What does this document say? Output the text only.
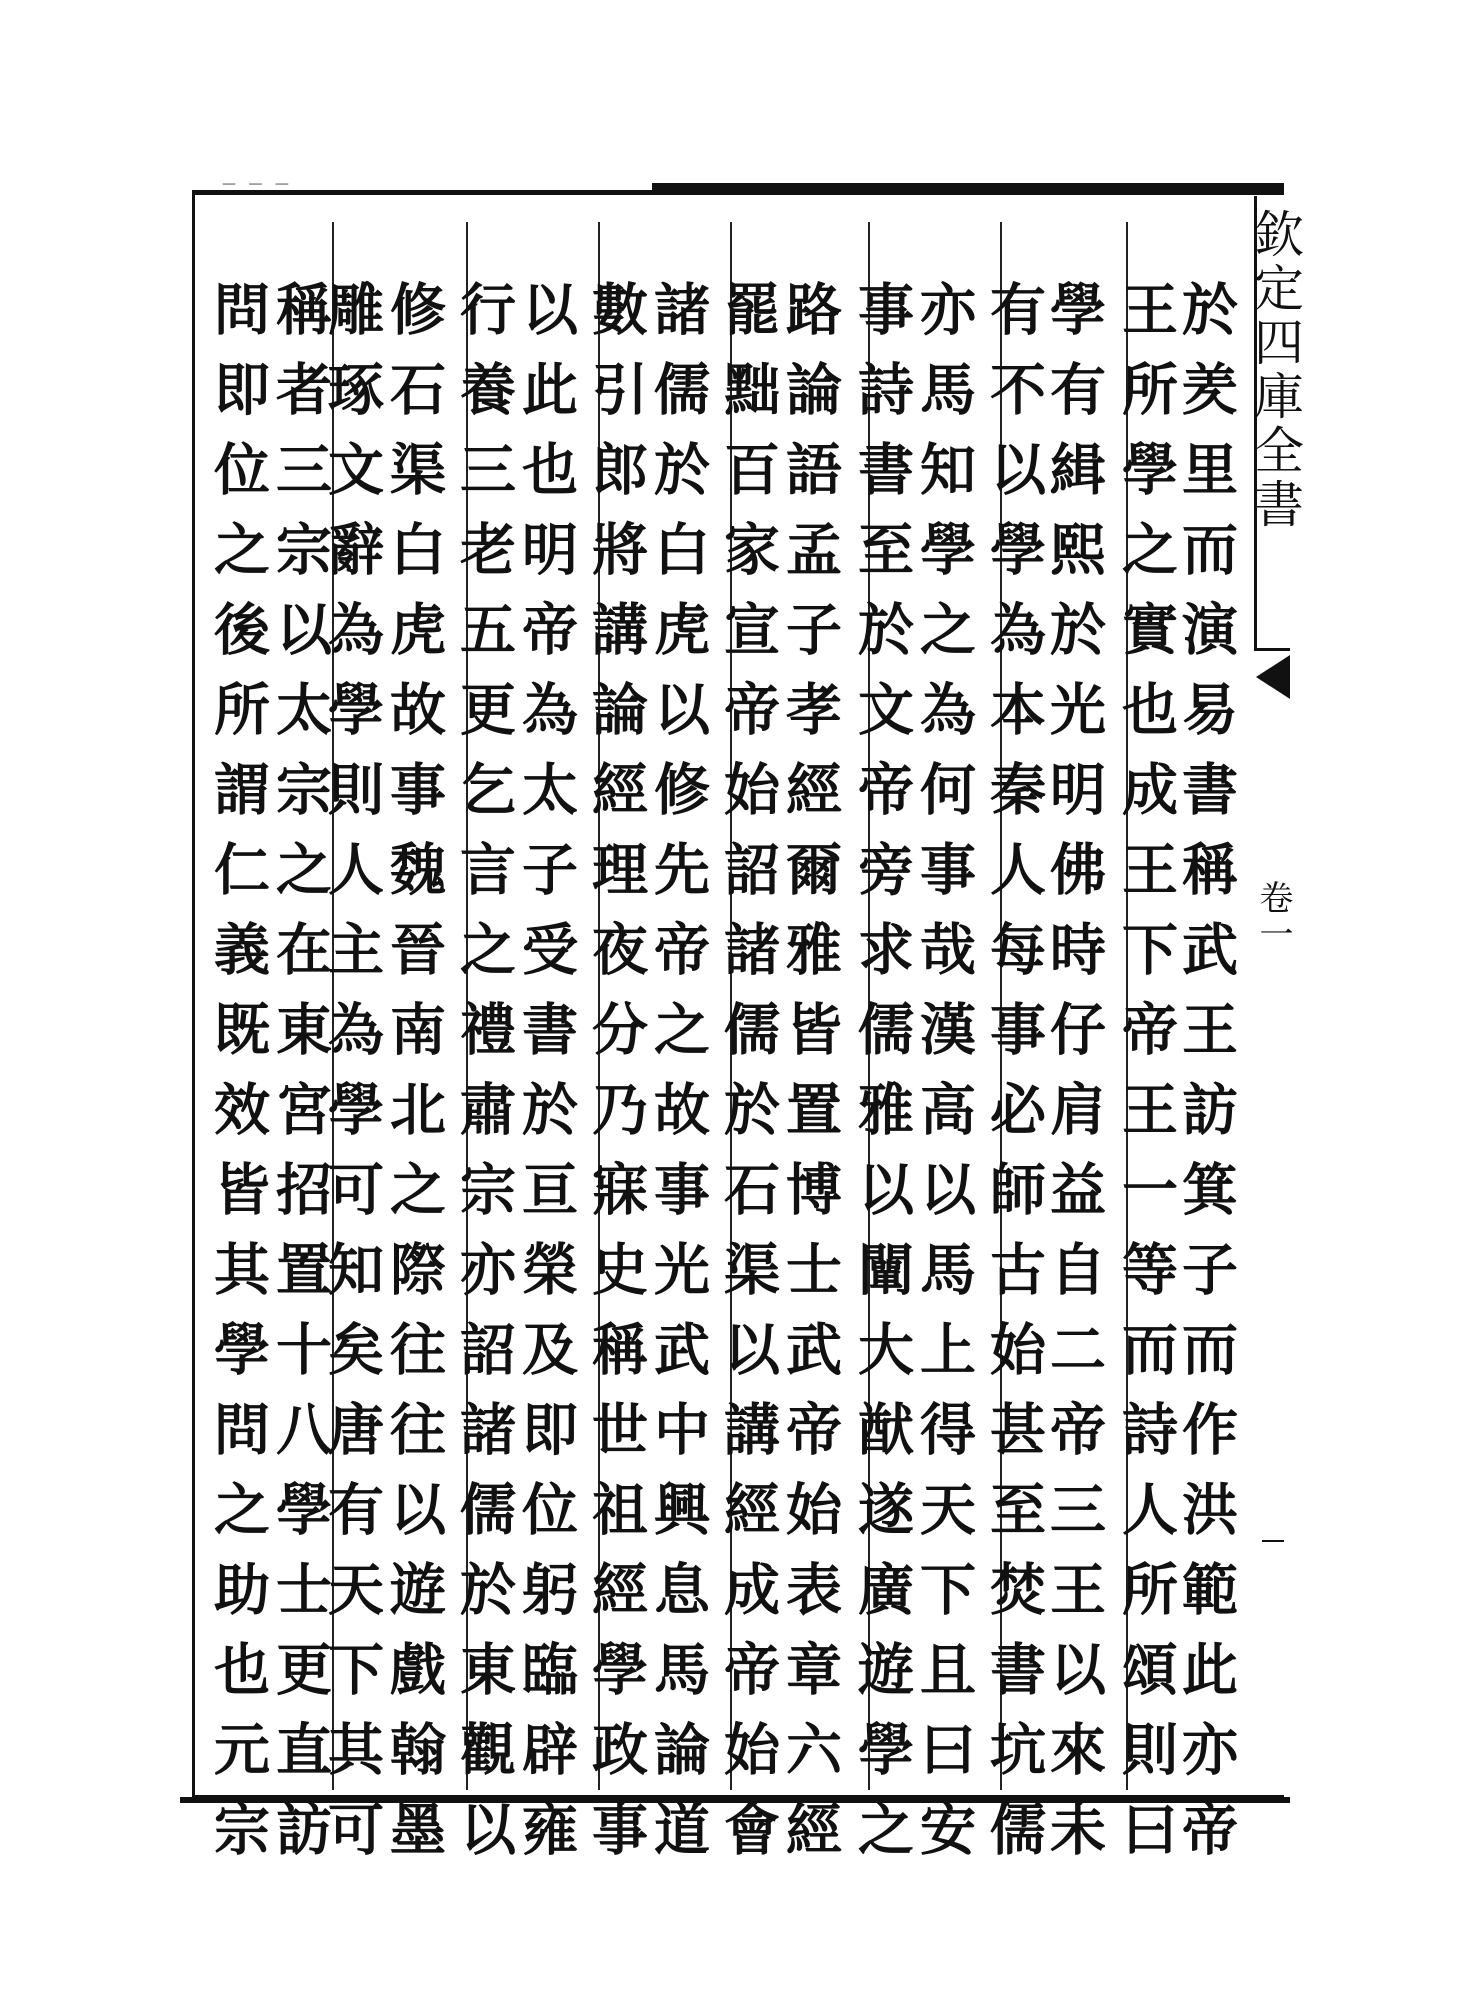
— — —
欽定四庫全書
卷一
於羑里而演易書稱武王訪箕子而作洪範此亦帝
王所學之實也成王下帝王一等而詩人所頌則曰
學有緝熙於光明佛時仔肩益自二帝三王以來未
有不以學為本秦人每事必師古始甚至焚書坑儒
亦馬知學之為何事哉漢高以馬上得天下且曰安
事詩書至於文帝旁求儒雅以闡大猷遂廣遊學之
路論語孟子孝經爾雅皆置博士武帝始表章六經
罷黜百家宣帝始詔諸儒於石渠以講經成帝始會
諸儒於白虎以修先帝之故事光武中興息馬論道
數引郎將講論經理夜分乃寐史稱世祖經學政事
以此也明帝為太子受書於亘榮及即位躬臨辟雍
行養三老五更乞言之禮肅宗亦詔諸儒於東觀以
修石渠白虎故事魏晉南北之際往往以遊戲翰墨
雕琢文辭為學則人主為學可知矣唐有天下其可
稱者三宗以太宗之在東宮招置十八學士更直訪
問即位之後所謂仁義既效皆其學問之助也元宗
